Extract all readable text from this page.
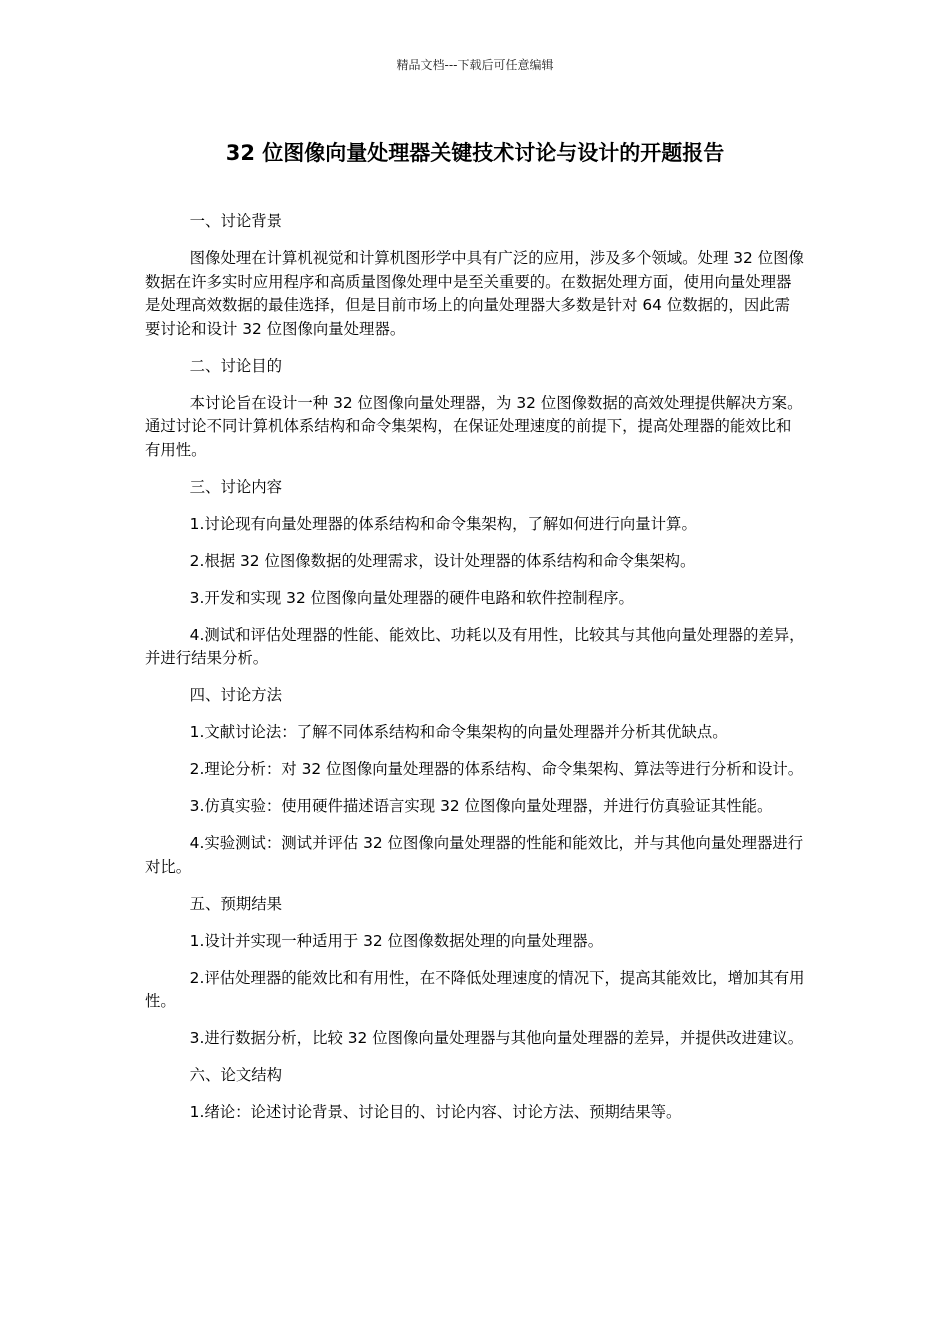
精品文档---下载后可任意编辑
32 位图像向量处理器关键技术讨论与设计的开题报告

一、讨论背景

图像处理在计算机视觉和计算机图形学中具有广泛的应用，涉及多个领域。处理 32 位图像数据在许多实时应用程序和高质量图像处理中是至关重要的。在数据处理方面，使用向量处理器是处理高效数据的最佳选择，但是目前市场上的向量处理器大多数是针对 64 位数据的，因此需要讨论和设计 32 位图像向量处理器。

二、讨论目的

本讨论旨在设计一种 32 位图像向量处理器，为 32 位图像数据的高效处理提供解决方案。通过讨论不同计算机体系结构和命令集架构，在保证处理速度的前提下，提高处理器的能效比和有用性。

三、讨论内容

1.讨论现有向量处理器的体系结构和命令集架构，了解如何进行向量计算。

2.根据 32 位图像数据的处理需求，设计处理器的体系结构和命令集架构。

3.开发和实现 32 位图像向量处理器的硬件电路和软件控制程序。

4.测试和评估处理器的性能、能效比、功耗以及有用性，比较其与其他向量处理器的差异，并进行结果分析。

四、讨论方法

1.文献讨论法：了解不同体系结构和命令集架构的向量处理器并分析其优缺点。

2.理论分析：对 32 位图像向量处理器的体系结构、命令集架构、算法等进行分析和设计。

3.仿真实验：使用硬件描述语言实现 32 位图像向量处理器，并进行仿真验证其性能。

4.实验测试：测试并评估 32 位图像向量处理器的性能和能效比，并与其他向量处理器进行对比。

五、预期结果

1.设计并实现一种适用于 32 位图像数据处理的向量处理器。

2.评估处理器的能效比和有用性，在不降低处理速度的情况下，提高其能效比，增加其有用性。

3.进行数据分析，比较 32 位图像向量处理器与其他向量处理器的差异，并提供改进建议。

六、论文结构

1.绪论：论述讨论背景、讨论目的、讨论内容、讨论方法、预期结果等。
